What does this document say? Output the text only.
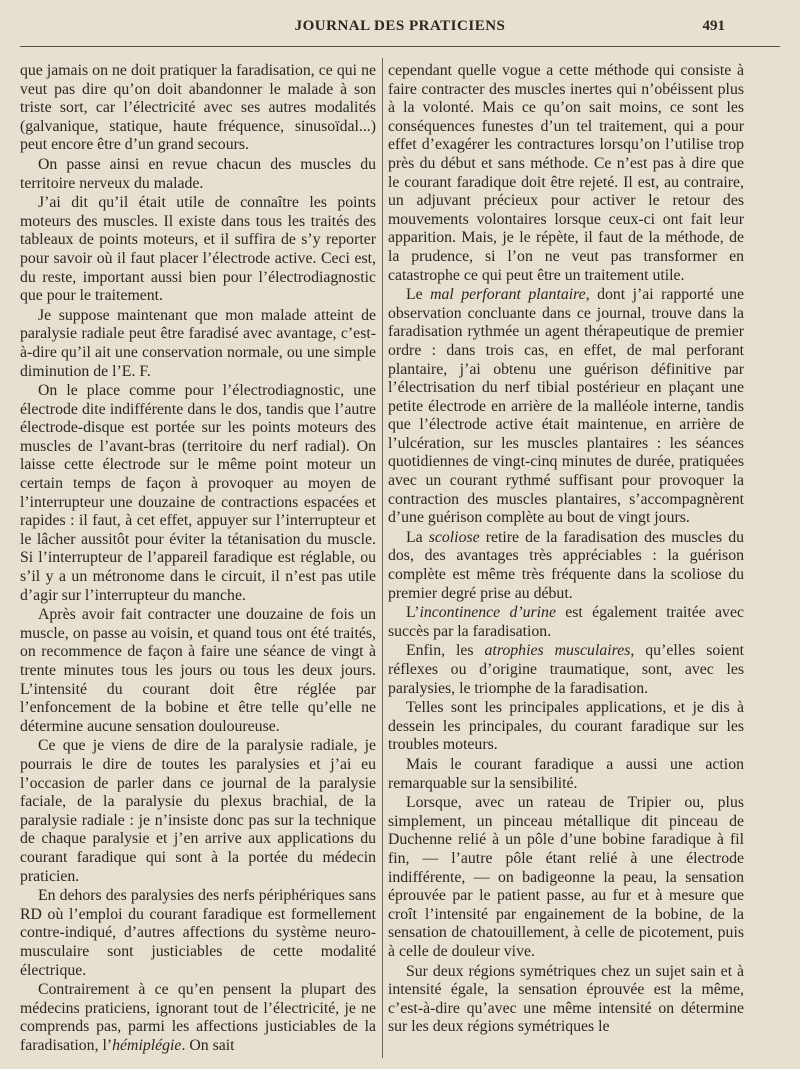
JOURNAL DES PRATICIENS	491

que jamais on ne doit pratiquer la faradisation, ce qui ne veut pas dire qu’on doit abandonner le malade à son triste sort, car l’électricité avec ses autres modalités (galvanique, statique, haute fréquence, sinusoïdal...) peut encore être d’un grand secours.

On passe ainsi en revue chacun des muscles du territoire nerveux du malade.

J’ai dit qu’il était utile de connaître les points moteurs des muscles. Il existe dans tous les traités des tableaux de points moteurs, et il suffira de s’y reporter pour savoir où il faut placer l’électrode active. Ceci est, du reste, important aussi bien pour l’électrodiagnostic que pour le traitement.

Je suppose maintenant que mon malade atteint de paralysie radiale peut être faradisé avec avantage, c’est-à-dire qu’il ait une conservation normale, ou une simple diminution de l’E. F.

On le place comme pour l’électrodiagnostic, une électrode dite indifférente dans le dos, tandis que l’autre électrode-disque est portée sur les points moteurs des muscles de l’avant-bras (territoire du nerf radial). On laisse cette électrode sur le même point moteur un certain temps de façon à provoquer au moyen de l’interrupteur une douzaine de contractions espacées et rapides : il faut, à cet effet, appuyer sur l’interrupteur et le lâcher aussitôt pour éviter la tétanisation du muscle. Si l’interrupteur de l’appareil faradique est réglable, ou s’il y a un métronome dans le circuit, il n’est pas utile d’agir sur l’interrupteur du manche.

Après avoir fait contracter une douzaine de fois un muscle, on passe au voisin, et quand tous ont été traités, on recommence de façon à faire une séance de vingt à trente minutes tous les jours ou tous les deux jours. L’intensité du courant doit être réglée par l’enfoncement de la bobine et être telle qu’elle ne détermine aucune sensation douloureuse.

Ce que je viens de dire de la paralysie radiale, je pourrais le dire de toutes les paralysies et j’ai eu l’occasion de parler dans ce journal de la paralysie faciale, de la paralysie du plexus brachial, de la paralysie radiale : je n’insiste donc pas sur la technique de chaque paralysie et j’en arrive aux applications du courant faradique qui sont à la portée du médecin praticien.

En dehors des paralysies des nerfs périphériques sans RD où l’emploi du courant faradique est formellement contre-indiqué, d’autres affections du système neuro-musculaire sont justiciables de cette modalité électrique.

Contrairement à ce qu’en pensent la plupart des médecins praticiens, ignorant tout de l’électricité, je ne comprends pas, parmi les affections justiciables de la faradisation, l’hémiplégie. On sait

cependant quelle vogue a cette méthode qui consiste à faire contracter des muscles inertes qui n’obéissent plus à la volonté. Mais ce qu’on sait moins, ce sont les conséquences funestes d’un tel traitement, qui a pour effet d’exagérer les contractures lorsqu’on l’utilise trop près du début et sans méthode. Ce n’est pas à dire que le courant faradique doit être rejeté. Il est, au contraire, un adjuvant précieux pour activer le retour des mouvements volontaires lorsque ceux-ci ont fait leur apparition. Mais, je le répète, il faut de la méthode, de la prudence, si l’on ne veut pas transformer en catastrophe ce qui peut être un traitement utile.

Le mal perforant plantaire, dont j’ai rapporté une observation concluante dans ce journal, trouve dans la faradisation rythmée un agent thérapeutique de premier ordre : dans trois cas, en effet, de mal perforant plantaire, j’ai obtenu une guérison définitive par l’électrisation du nerf tibial postérieur en plaçant une petite électrode en arrière de la malléole interne, tandis que l’électrode active était maintenue, en arrière de l’ulcération, sur les muscles plantaires : les séances quotidiennes de vingt-cinq minutes de durée, pratiquées avec un courant rythmé suffisant pour provoquer la contraction des muscles plantaires, s’accompagnèrent d’une guérison complète au bout de vingt jours.

La scoliose retire de la faradisation des muscles du dos, des avantages très appréciables : la guérison complète est même très fréquente dans la scoliose du premier degré prise au début.

L’incontinence d’urine est également traitée avec succès par la faradisation.

Enfin, les atrophies musculaires, qu’elles soient réflexes ou d’origine traumatique, sont, avec les paralysies, le triomphe de la faradisation.

Telles sont les principales applications, et je dis à dessein les principales, du courant faradique sur les troubles moteurs.

Mais le courant faradique a aussi une action remarquable sur la sensibilité.

Lorsque, avec un rateau de Tripier ou, plus simplement, un pinceau métallique dit pinceau de Duchenne relié à un pôle d’une bobine faradique à fil fin, — l’autre pôle étant relié à une électrode indifférente, — on badigeonne la peau, la sensation éprouvée par le patient passe, au fur et à mesure que croît l’intensité par engainement de la bobine, de la sensation de chatouillement, à celle de picotement, puis à celle de douleur vive.

Sur deux régions symétriques chez un sujet sain et à intensité égale, la sensation éprouvée est la même, c’est-à-dire qu’avec une même intensité on détermine sur les deux régions symétriques le
